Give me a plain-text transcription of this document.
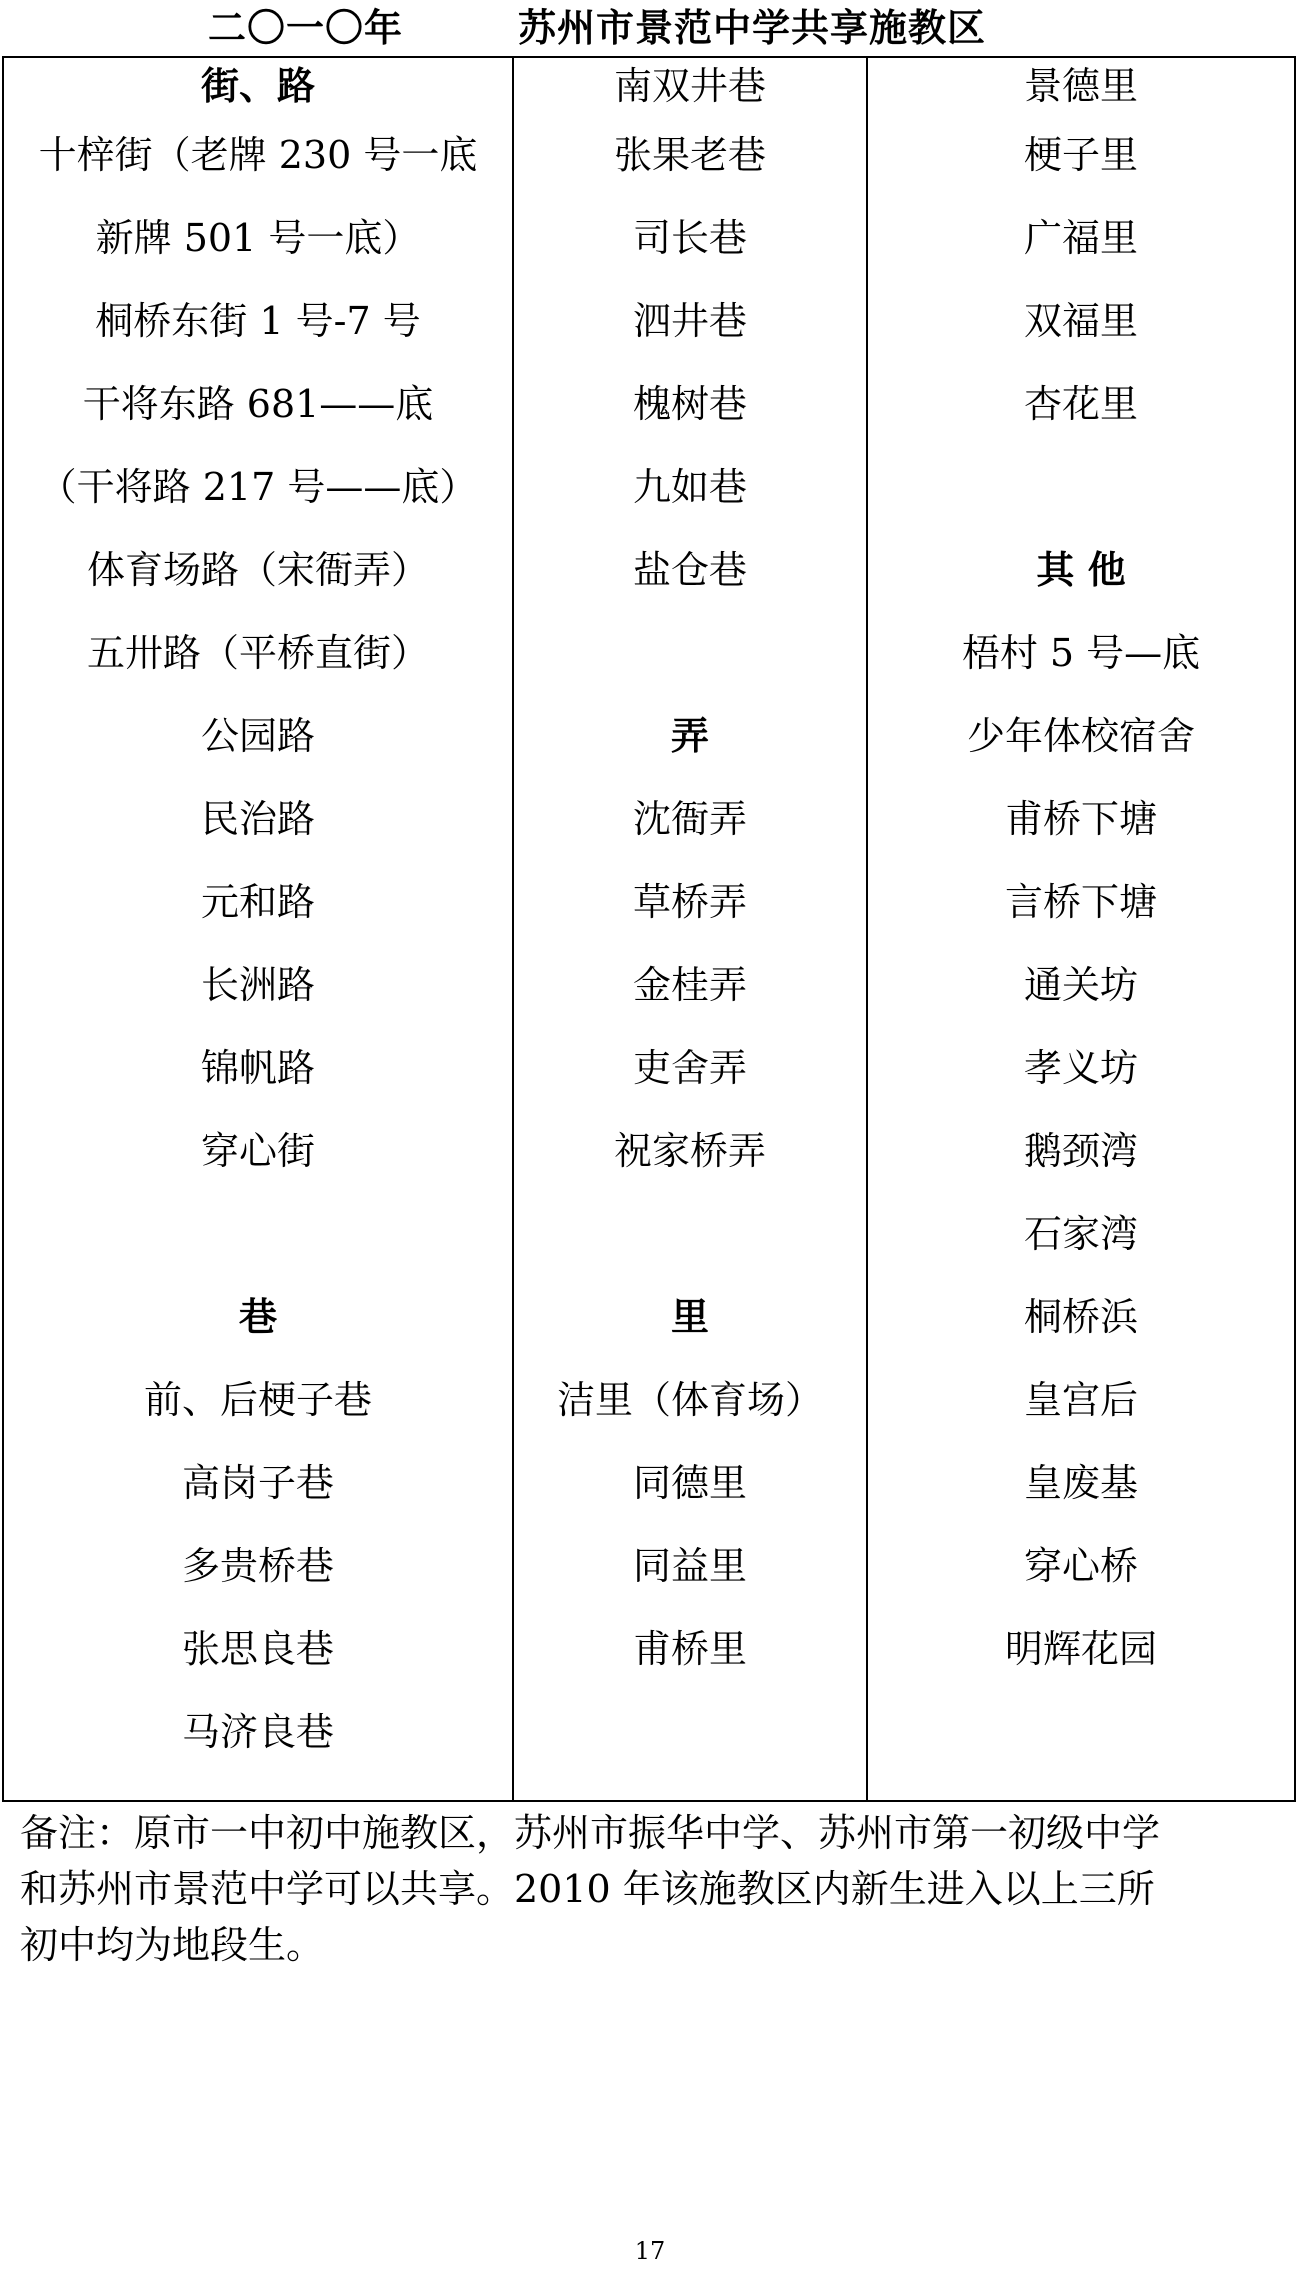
二〇一〇年	苏州市景范中学共享施教区
街、路
十梓街（老牌 230 号一底
新牌 501 号一底）
桐桥东街 1 号-7 号
干将东路 681——底
（干将路 217 号——底）
体育场路（宋衙弄）
五卅路（平桥直街）
公园路
民治路
元和路
长洲路
锦帆路
穿心街
巷
前、后梗子巷
高岗子巷
多贵桥巷
张思良巷
马济良巷
南双井巷
张果老巷
司长巷
泗井巷
槐树巷
九如巷
盐仓巷
弄
沈衙弄
草桥弄
金桂弄
吏舍弄
祝家桥弄
里
洁里（体育场）
同德里
同益里
甫桥里
景德里
梗子里
广福里
双福里
杏花里
其 他
梧村 5 号—底
少年体校宿舍
甫桥下塘
言桥下塘
通关坊
孝义坊
鹅颈湾
石家湾
桐桥浜
皇宫后
皇废基
穿心桥
明辉花园
备注：原市一中初中施教区，苏州市振华中学、苏州市第一初级中学
和苏州市景范中学可以共享。2010 年该施教区内新生进入以上三所
初中均为地段生。
17
